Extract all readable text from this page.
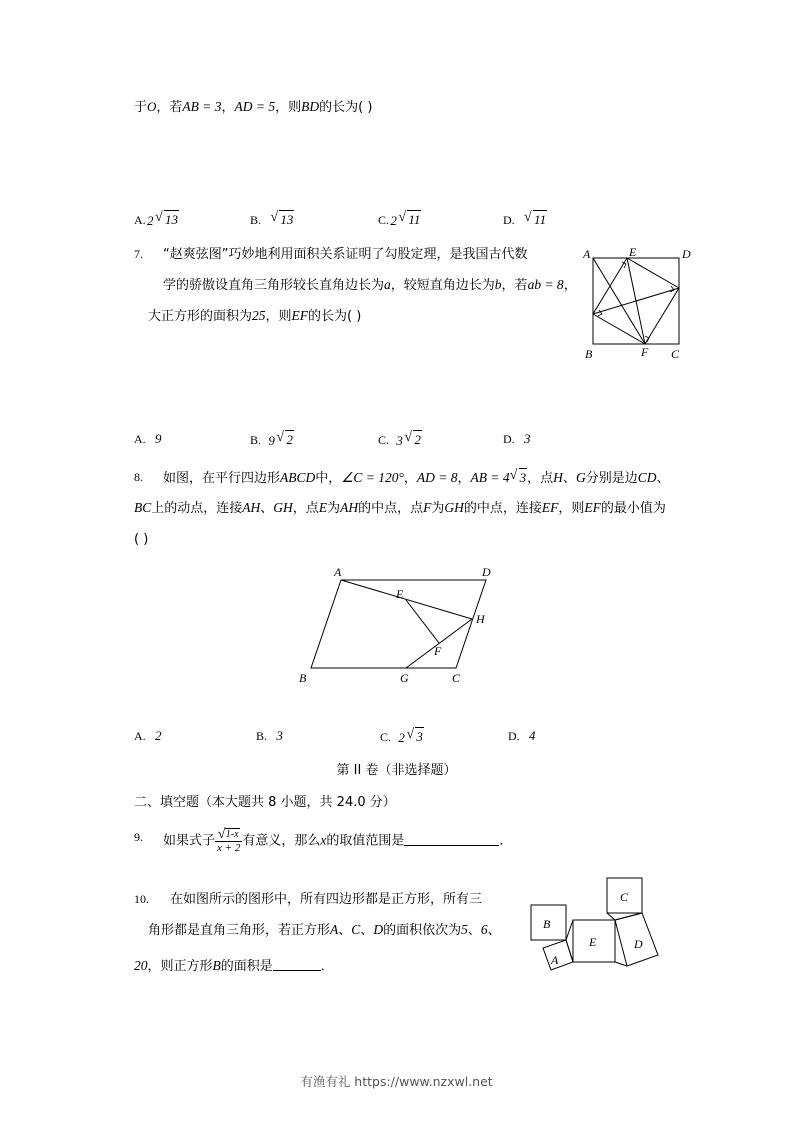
于O，若AB = 3，AD = 5，则BD的长为( )
A. √ 2 13	B. √ 13	C. √ 2 11	D. √ 11
7. “赵爽弦图”巧妙地利用面积关系证明了勾股定理，是我国古代数
学的骄傲设直角三角形较长直角边长为a，较短直角边长为b，若ab = 8，
大正方形的面积为25，则EF的长为( )
A	D
E
F
B	C
A. 9	B. √ 9 2	C. √ 3 2	D. 3
8. 如图，在平行四边形ABCD中，∠C = 120°，AD = 8，AB = 4 √ 3，点H、G分别是边CD、
BC上的动点，连接AH、GH，点E为AH的中点，点F为GH的中点，连接EF，则EF的最小值为
( )
A	D
E
H
F
B	G	C
A. 2	B. 3	C. √ 2 3	D. 4
第 II 卷（非选择题）
二、填空题（本大题共 8 小题，共 24.0 分）
9. 如果式子 √ $\frac{1-x}{x + 2}$ 有意义，那么x的取值范围是	．
10. 在如图所示的图形中，所有四边形都是正方形，所有三
角形都是直角三角形，若正方形A、C、D的面积依次为5、6、
20，则正方形B的面积是	．
B
A
E
C
D
有渔有礼 https://www.nzxwl.net
